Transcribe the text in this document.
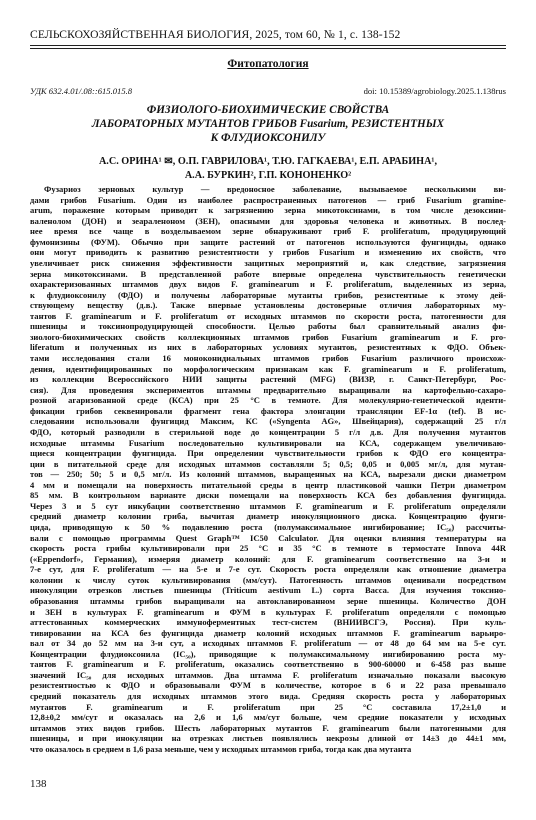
СЕЛЬСКОХОЗЯЙСТВЕННАЯ БИОЛОГИЯ, 2025, том 60, № 1, с. 138-152
Фитопатология
УДК 632.4.01/.08::615.015.8	doi: 10.15389/agrobiology.2025.1.138rus
ФИЗИОЛОГО-БИОХИМИЧЕСКИЕ СВОЙСТВА
ЛАБОРАТОРНЫХ МУТАНТОВ ГРИБОВ Fusarium, РЕЗИСТЕНТНЫХ
К ФЛУДИОКСОНИЛУ
А.С. ОРИНА¹ ✉, О.П. ГАВРИЛОВА¹, Т.Ю. ГАГКАЕВА¹, Е.П. АРАБИНА¹,
А.А. БУРКИН², Г.П. КОНОНЕНКО²
Фузариоз зерновых культур — вредоносное заболевание, вызываемое несколькими ви-
дами грибов Fusarium. Один из наиболее распространенных патогенов — гриб Fusarium gramine-
arum, поражение которым приводит к загрязнению зерна микотоксинами, в том числе дезоксини-
валенолом (ДОН) и зеараленоном (ЗЕН), опасными для здоровья человека и животных. В послед-
нее время все чаще в возделываемом зерне обнаруживают гриб F. proliferatum, продуцирующий
фумонизины (ФУМ). Обычно при защите растений от патогенов используются фунгициды, однако
они могут приводить к развитию резистентности у грибов Fusarium и изменению их свойств, что
увеличивает риск снижения эффективности защитных мероприятий и, как следствие, загрязнения
зерна микотоксинами. В представленной работе впервые определена чувствительность генетически
охарактеризованных штаммов двух видов F. graminearum и F. proliferatum, выделенных из зерна,
к флудиоксонилу (ФДО) и получены лабораторные мутанты грибов, резистентные к этому дей-
ствующему веществу (д.в.). Также впервые установлены достоверные отличия лабораторных му-
тантов F. graminearum и F. proliferatum от исходных штаммов по скорости роста, патогенности для
пшеницы и токсинопродуцирующей способности. Целью работы был сравнительный анализ фи-
зиолого-биохимических свойств коллекционных штаммов грибов Fusarium graminearum и F. pro-
liferatum и полученных из них в лабораторных условиях мутантов, резистентных к ФДО. Объек-
тами исследования стали 16 моноконидиальных штаммов грибов Fusarium различного происхож-
дения, идентифицированных по морфологическим признакам как F. graminearum и F. proliferatum,
из коллекции Всероссийского НИИ защиты растений (MFG) (ВИЗР, г. Санкт-Петербург, Рос-
сия). Для проведения экспериментов штаммы предварительно выращивали на картофельно-сахаро-
розной агаризованной среде (КСА) при 25 °С в темноте. Для молекулярно-генетической иденти-
фикации грибов секвенировали фрагмент гена фактора элонгации трансляции EF-1α (tef). В ис-
следовании использовали фунгицид Максим, КС («Syngenta AG», Швейцария), содержащий 25 г/л
ФДО, который разводили в стерильной воде до концентрации 5 г/л д.в. Для получения мутантов
исходные штаммы Fusarium последовательно культивировали на КСА, содержащем увеличиваю-
щиеся концентрации фунгицида. При определении чувствительности грибов к ФДО его концентра-
ции в питательной среде для исходных штаммов составляли 5; 0,5; 0,05 и 0,005 мг/л, для мутан-
тов — 250; 50; 5 и 0,5 мг/л. Из колоний штаммов, выращенных на КСА, вырезали диски диаметром
4 мм и помещали на поверхность питательной среды в центр пластиковой чашки Петри диаметром
85 мм. В контрольном варианте диски помещали на поверхность КСА без добавления фунгицида.
Через 3 и 5 сут инкубации соответственно штаммов F. graminearum и F. proliferatum определяли
средний диаметр колонии гриба, вычитая диаметр инокуляционного диска. Концентрацию фунги-
цида, приводящую к 50 % подавлению роста (полумаксимальное ингибирование; IC₅₀) рассчиты-
вали с помощью программы Quest Graph™ IC50 Calculator. Для оценки влияния температуры на
скорость роста грибы культивировали при 25 °С и 35 °С в темноте в термостате Innova 44R
(«Eppendorf», Германия), измеряя диаметр колоний: для F. graminearum соответственно на 3-и и
7-е сут, для F. proliferatum — на 5-е и 7-е сут. Скорость роста определяли как отношение диаметра
колонии к числу суток культивирования (мм/сут). Патогенность штаммов оценивали посредством
инокуляции отрезков листьев пшеницы (Triticum aestivum L.) сорта Васса. Для изучения токсино-
образования штаммы грибов выращивали на автоклавированном зерне пшеницы. Количество ДОН
и ЗЕН в культурах F. graminearum и ФУМ в культурах F. proliferatum определяли с помощью
аттестованных коммерческих иммуноферментных тест-систем (ВНИИВСГЭ, Россия). При куль-
тивировании на КСА без фунгицида диаметр колоний исходных штаммов F. graminearum варьиро-
вал от 34 до 52 мм на 3-и сут, а исходных штаммов F. proliferatum — от 48 до 64 мм на 5-е сут.
Концентрации флудиоксонила (IC₅₀), приводящие к полумаксимальному ингибированию роста му-
тантов F. graminearum и F. proliferatum, оказались соответственно в 900-60000 и 6-458 раз выше
значений IC₅₀ для исходных штаммов. Два штамма F. proliferatum изначально показали высокую
резистентностью к ФДО и образовывали ФУМ в количестве, которое в 6 и 22 раза превышало
средний показатель для исходных штаммов этого вида. Средняя скорость роста у лабораторных
мутантов F. graminearum и F. proliferatum при 25 °С составила 17,2±1,0 и
12,8±0,2 мм/сут и оказалась на 2,6 и 1,6 мм/сут больше, чем средние показатели у исходных
штаммов этих видов грибов. Шесть лабораторных мутантов F. graminearum были патогенными для
пшеницы, и при инокуляции на отрезках листьев появлялись некрозы длиной от 14±3 до 44±1 мм,
что оказалось в среднем в 1,6 раза меньше, чем у исходных штаммов гриба, тогда как два мутанта
138
